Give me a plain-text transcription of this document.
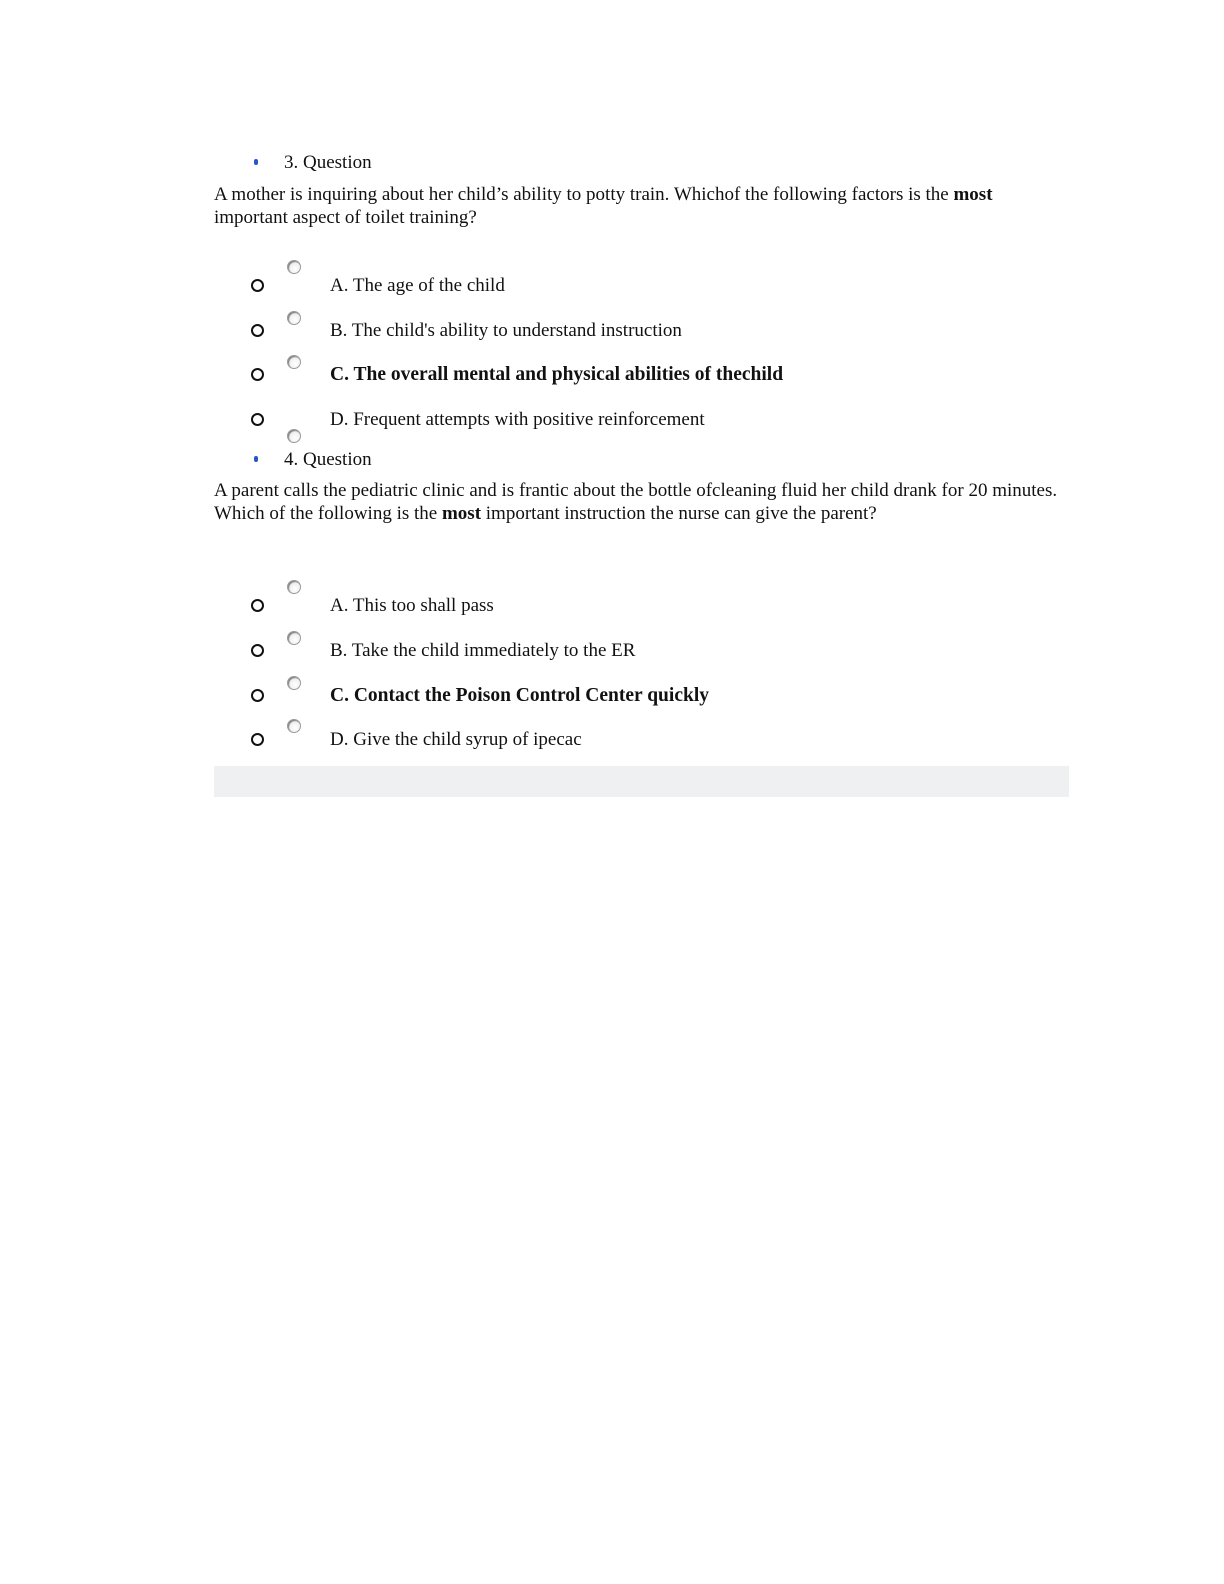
3. Question
A mother is inquiring about her child’s ability to potty train. Whichof the following factors is the most important aspect of toilet training?
A. The age of the child
B. The child's ability to understand instruction
C. The overall mental and physical abilities of thechild
D. Frequent attempts with positive reinforcement
4. Question
A parent calls the pediatric clinic and is frantic about the bottle ofcleaning fluid her child drank for 20 minutes. Which of the following is the most important instruction the nurse can give the parent?
A. This too shall pass
B. Take the child immediately to the ER
C. Contact the Poison Control Center quickly
D. Give the child syrup of ipecac
